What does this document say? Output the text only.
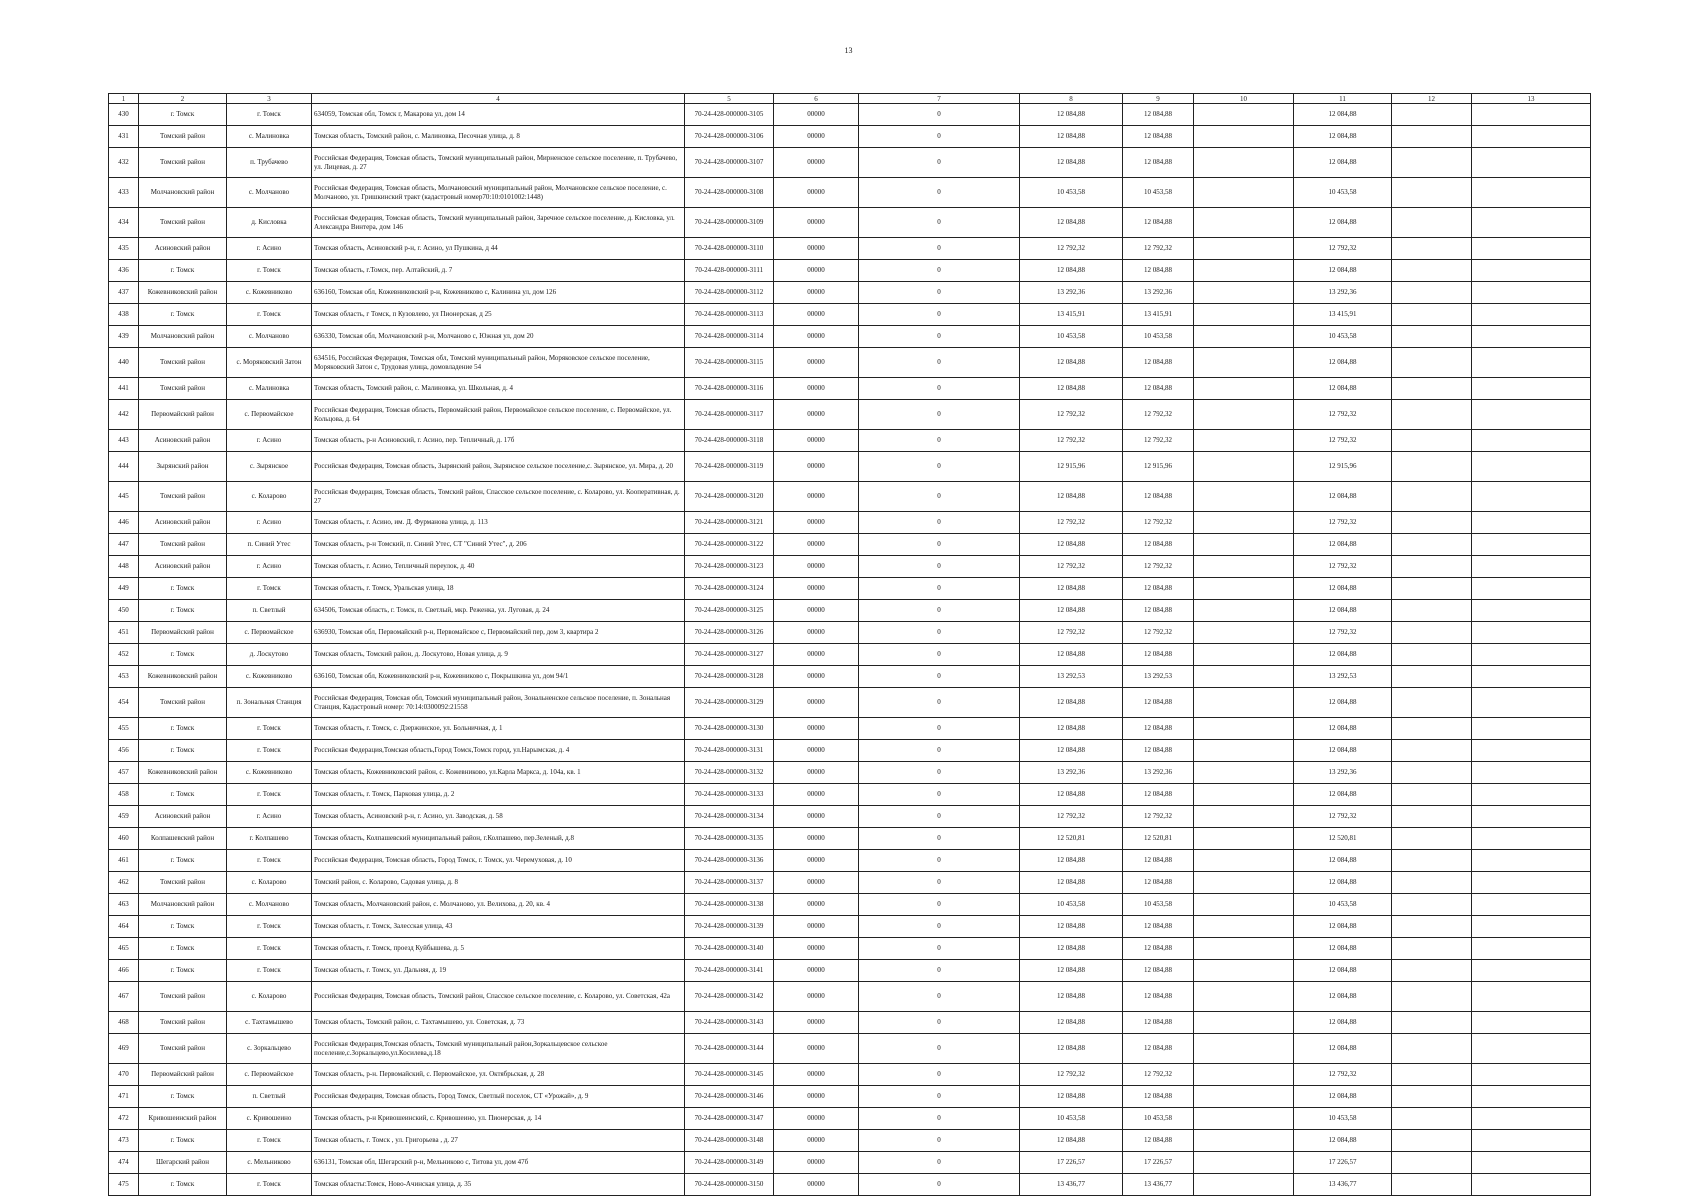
13
1	2	3	4	5	6	7	8	9	10	11	12	13
430	г. Томск	г. Томск	634059, Томская обл, Томск г, Макарова ул, дом 14	70-24-428-000000-3105	00000	0	12 084,88	12 084,88		12 084,88		
431	Томский район	с. Малиновка	Томская область, Томский район, с. Малиновка, Песочная улица, д. 8	70-24-428-000000-3106	00000	0	12 084,88	12 084,88		12 084,88		
432	Томский район	п. Трубачево	Российская Федерация, Томская область, Томский муниципальный район, Мирненское сельское поселение, п. Трубачево, ул. Лицевая, д. 27	70-24-428-000000-3107	00000	0	12 084,88	12 084,88		12 084,88		
433	Молчановский район	с. Молчаново	Российская Федерация, Томская область, Молчановский муниципальный район, Молчановское сельское поселение, с. Молчаново, ул. Гришкинский тракт (кадастровый номер70:10:0101002:1448)	70-24-428-000000-3108	00000	0	10 453,58	10 453,58		10 453,58		
434	Томский район	д. Кисловка	Российская Федерация, Томская область, Томский муниципальный район, Заречное сельское поселение, д. Кисловка, ул. Александра Винтера, дом 146	70-24-428-000000-3109	00000	0	12 084,88	12 084,88		12 084,88		
435	Асиновский район	г. Асино	Томская область, Асиновский р-н, г. Асино, ул Пушкина, д 44	70-24-428-000000-3110	00000	0	12 792,32	12 792,32		12 792,32		
436	г. Томск	г. Томск	Томская область, г.Томск, пер. Алтайский, д. 7	70-24-428-000000-3111	00000	0	12 084,88	12 084,88		12 084,88		
437	Кожевниковский район	с. Кожевниково	636160, Томская обл, Кожевниковский р-н, Кожевниково с, Калинина ул, дом 126	70-24-428-000000-3112	00000	0	13 292,36	13 292,36		13 292,36		
438	г. Томск	г. Томск	Томская область, г Томск, п Кузовлево, ул Пионерская, д 25	70-24-428-000000-3113	00000	0	13 415,91	13 415,91		13 415,91		
439	Молчановский район	с. Молчаново	636330, Томская обл, Молчановский р-н, Молчаново с, Южная ул, дом 20	70-24-428-000000-3114	00000	0	10 453,58	10 453,58		10 453,58		
440	Томский район	с. Моряковский Затон	634516, Российская Федерация, Томская обл, Томский муниципальный район, Моряковское сельское поселение, Моряковский Затон с, Трудовая улица, домовладение 54	70-24-428-000000-3115	00000	0	12 084,88	12 084,88		12 084,88		
441	Томский район	с. Малиновка	Томская область, Томский район, с. Малиновка, ул. Школьная, д. 4	70-24-428-000000-3116	00000	0	12 084,88	12 084,88		12 084,88		
442	Первомайский район	с. Первомайское	Российская Федерация, Томская область, Первомайский район, Первомайское сельское поселение, с. Первомайское, ул. Кольцова, д. 64	70-24-428-000000-3117	00000	0	12 792,32	12 792,32		12 792,32		
443	Асиновский район	г. Асино	Томская область, р-н Асиновский, г. Асино, пер. Тепличный, д. 17б	70-24-428-000000-3118	00000	0	12 792,32	12 792,32		12 792,32		
444	Зырянский район	с. Зырянское	Российская Федерация, Томская область, Зырянский район, Зырянское сельское поселение,с. Зырянское, ул. Мира, д. 20	70-24-428-000000-3119	00000	0	12 915,96	12 915,96		12 915,96		
445	Томский район	с. Коларово	Российская Федерация, Томская область, Томский район, Спасское сельское поселение, с. Коларово, ул. Кооперативная, д. 27	70-24-428-000000-3120	00000	0	12 084,88	12 084,88		12 084,88		
446	Асиновский район	г. Асино	Томская область, г. Асино, им. Д. Фурманова улица, д. 113	70-24-428-000000-3121	00000	0	12 792,32	12 792,32		12 792,32		
447	Томский район	п. Синий Утес	Томская область, р-н Томский, п. Синий Утес, СТ "Синий Утес", д. 206	70-24-428-000000-3122	00000	0	12 084,88	12 084,88		12 084,88		
448	Асиновский район	г. Асино	Томская область, г. Асино, Тепличный переулок, д. 40	70-24-428-000000-3123	00000	0	12 792,32	12 792,32		12 792,32		
449	г. Томск	г. Томск	Томская область, г. Томск, Уральская улица, 18	70-24-428-000000-3124	00000	0	12 084,88	12 084,88		12 084,88		
450	г. Томск	п. Светлый	634506, Томская область, г. Томск, п. Светлый, мкр. Реженка, ул. Луговая, д. 24	70-24-428-000000-3125	00000	0	12 084,88	12 084,88		12 084,88		
451	Первомайский район	с. Первомайское	636930, Томская обл, Первомайский р-н, Первомайское с, Первомайский пер, дом 3, квартира 2	70-24-428-000000-3126	00000	0	12 792,32	12 792,32		12 792,32		
452	г. Томск	д. Лоскутово	Томская область, Томский район, д. Лоскутово, Новая улица, д. 9	70-24-428-000000-3127	00000	0	12 084,88	12 084,88		12 084,88		
453	Кожевниковский район	с. Кожевниково	636160, Томская обл, Кожевниковский р-н, Кожевниково с, Покрышкина ул, дом 94/1	70-24-428-000000-3128	00000	0	13 292,53	13 292,53		13 292,53		
454	Томский район	п. Зональная Станция	Российская Федерация, Томская обл, Томский муниципальный район, Зональненское сельское поселение, п. Зональная Станция, Кадастровый номер: 70:14:0300092:21558	70-24-428-000000-3129	00000	0	12 084,88	12 084,88		12 084,88		
455	г. Томск	г. Томск	Томская область, г. Томск, с. Дзержинское, ул. Больничная, д. 1	70-24-428-000000-3130	00000	0	12 084,88	12 084,88		12 084,88		
456	г. Томск	г. Томск	Российская Федерация,Томская область,Город Томск,Томск город, ул.Нарымская, д. 4	70-24-428-000000-3131	00000	0	12 084,88	12 084,88		12 084,88		
457	Кожевниковский район	с. Кожевниково	Томская область, Кожевниковский район, с. Кожевниково, ул.Карла Маркса, д. 104а, кв. 1	70-24-428-000000-3132	00000	0	13 292,36	13 292,36		13 292,36		
458	г. Томск	г. Томск	Томская область, г. Томск, Парковая улица, д. 2	70-24-428-000000-3133	00000	0	12 084,88	12 084,88		12 084,88		
459	Асиновский район	г. Асино	Томская область, Асиновский р-н, г. Асино, ул. Заводская, д. 58	70-24-428-000000-3134	00000	0	12 792,32	12 792,32		12 792,32		
460	Колпашевский район	г. Колпашево	Томская область, Колпашевский муниципальный район, г.Колпашево, пер.Зеленый, д.8	70-24-428-000000-3135	00000	0	12 520,81	12 520,81		12 520,81		
461	г. Томск	г. Томск	Российская Федерация, Томская область, Город Томск, г. Томск, ул. Черемуховая, д. 10	70-24-428-000000-3136	00000	0	12 084,88	12 084,88		12 084,88		
462	Томский район	с. Коларово	Томский район, с. Коларово, Садовая улица, д. 8	70-24-428-000000-3137	00000	0	12 084,88	12 084,88		12 084,88		
463	Молчановский район	с. Молчаново	Томская область, Молчановский район, с. Молчаново, ул. Велихова, д. 20, кв. 4	70-24-428-000000-3138	00000	0	10 453,58	10 453,58		10 453,58		
464	г. Томск	г. Томск	Томская область, г. Томск, Залесская улица, 43	70-24-428-000000-3139	00000	0	12 084,88	12 084,88		12 084,88		
465	г. Томск	г. Томск	Томская область, г. Томск, проезд Куйбышева, д. 5	70-24-428-000000-3140	00000	0	12 084,88	12 084,88		12 084,88		
466	г. Томск	г. Томск	Томская область, г. Томск, ул. Дальняя, д. 19	70-24-428-000000-3141	00000	0	12 084,88	12 084,88		12 084,88		
467	Томский район	с. Коларово	Российская Федерация, Томская область, Томский район, Спасское сельское поселение, с. Коларово, ул. Советская, 42а	70-24-428-000000-3142	00000	0	12 084,88	12 084,88		12 084,88		
468	Томский район	с. Тахтамышево	Томская область, Томский район, с. Тахтамышево, ул. Советская, д. 73	70-24-428-000000-3143	00000	0	12 084,88	12 084,88		12 084,88		
469	Томский район	с. Зоркальцево	Российская Федерация,Томская область, Томский муниципальный район,Зоркальцевское сельское поселение,с.Зоркальцево,ул.Косилева,д.18	70-24-428-000000-3144	00000	0	12 084,88	12 084,88		12 084,88		
470	Первомайский район	с. Первомайское	Томская область, р-н. Первомайский, с. Первомайское, ул. Октябрьская, д. 28	70-24-428-000000-3145	00000	0	12 792,32	12 792,32		12 792,32		
471	г. Томск	п. Светлый	Российская Федерация, Томская область, Город Томск, Светлый поселок, СТ «Урожай», д. 9	70-24-428-000000-3146	00000	0	12 084,88	12 084,88		12 084,88		
472	Кривошеинский район	с. Кривошеино	Томская область, р-н Кривошеинский, с. Кривошеино, ул. Пионерская, д. 14	70-24-428-000000-3147	00000	0	10 453,58	10 453,58		10 453,58		
473	г. Томск	г. Томск	Томская область, г. Томск , ул. Григорьева , д. 27	70-24-428-000000-3148	00000	0	12 084,88	12 084,88		12 084,88		
474	Шегарский район	с. Мельниково	636131, Томская обл, Шегарский р-н, Мельниково с, Титова ул, дом 47б	70-24-428-000000-3149	00000	0	17 226,57	17 226,57		17 226,57		
475	г. Томск	г. Томск	Томская областьг.Томск, Ново-Ачинская улица, д. 35	70-24-428-000000-3150	00000	0	13 436,77	13 436,77		13 436,77		
